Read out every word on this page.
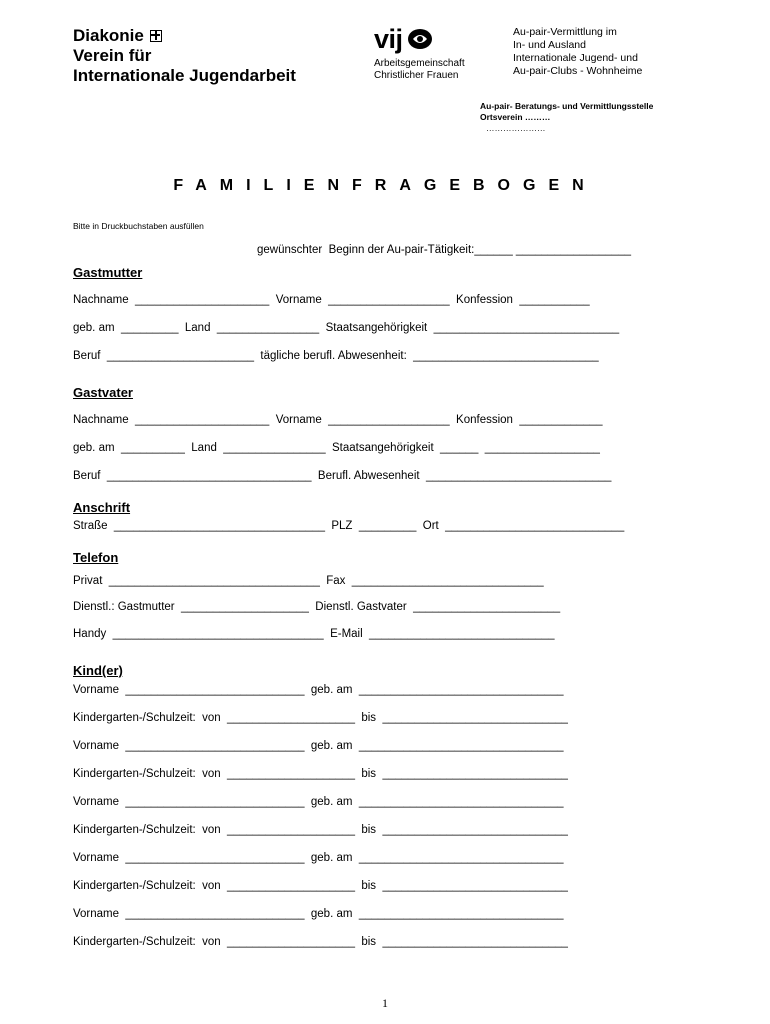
Diakonie
Verein für
Internationale Jugendarbeit
vij
Arbeitsgemeinschaft
Christlicher Frauen
Au-pair-Vermittlung im
In- und Ausland
Internationale Jugend- und
Au-pair-Clubs - Wohnheime
Au-pair- Beratungs- und Vermittlungsstelle
Ortsverein ………
…………………
FAMILIENFRAGEBOGEN
Bitte in Druckbuchstaben ausfüllen
gewünschter  Beginn der Au-pair-Tätigkeit:______ __________________
Gastmutter
Nachname  _____________________  Vorname  ___________________  Konfession  ___________
geb. am  _________  Land  ________________  Staatsangehörigkeit  _____________________________
Beruf  _______________________  tägliche berufl. Abwesenheit:  _____________________________
Gastvater
Nachname  _____________________  Vorname  ___________________  Konfession  _____________
geb. am  __________  Land  ________________  Staatsangehörigkeit  ______  __________________
Beruf  ________________________________  Berufl. Abwesenheit  _____________________________
Anschrift
Straße  _________________________________  PLZ  _________  Ort  ____________________________
Telefon
Privat  _________________________________  Fax  ______________________________
Dienstl.: Gastmutter  ____________________  Dienstl. Gastvater  _______________________
Handy  _________________________________  E-Mail  _____________________________
Kind(er)
Vorname  ____________________________  geb. am  ________________________________
Kindergarten-/Schulzeit:  von  ____________________  bis  _____________________________
Vorname  ____________________________  geb. am  ________________________________
Kindergarten-/Schulzeit:  von  ____________________  bis  _____________________________
Vorname  ____________________________  geb. am  ________________________________
Kindergarten-/Schulzeit:  von  ____________________  bis  _____________________________
Vorname  ____________________________  geb. am  ________________________________
Kindergarten-/Schulzeit:  von  ____________________  bis  _____________________________
Vorname  ____________________________  geb. am  ________________________________
Kindergarten-/Schulzeit:  von  ____________________  bis  _____________________________
1
